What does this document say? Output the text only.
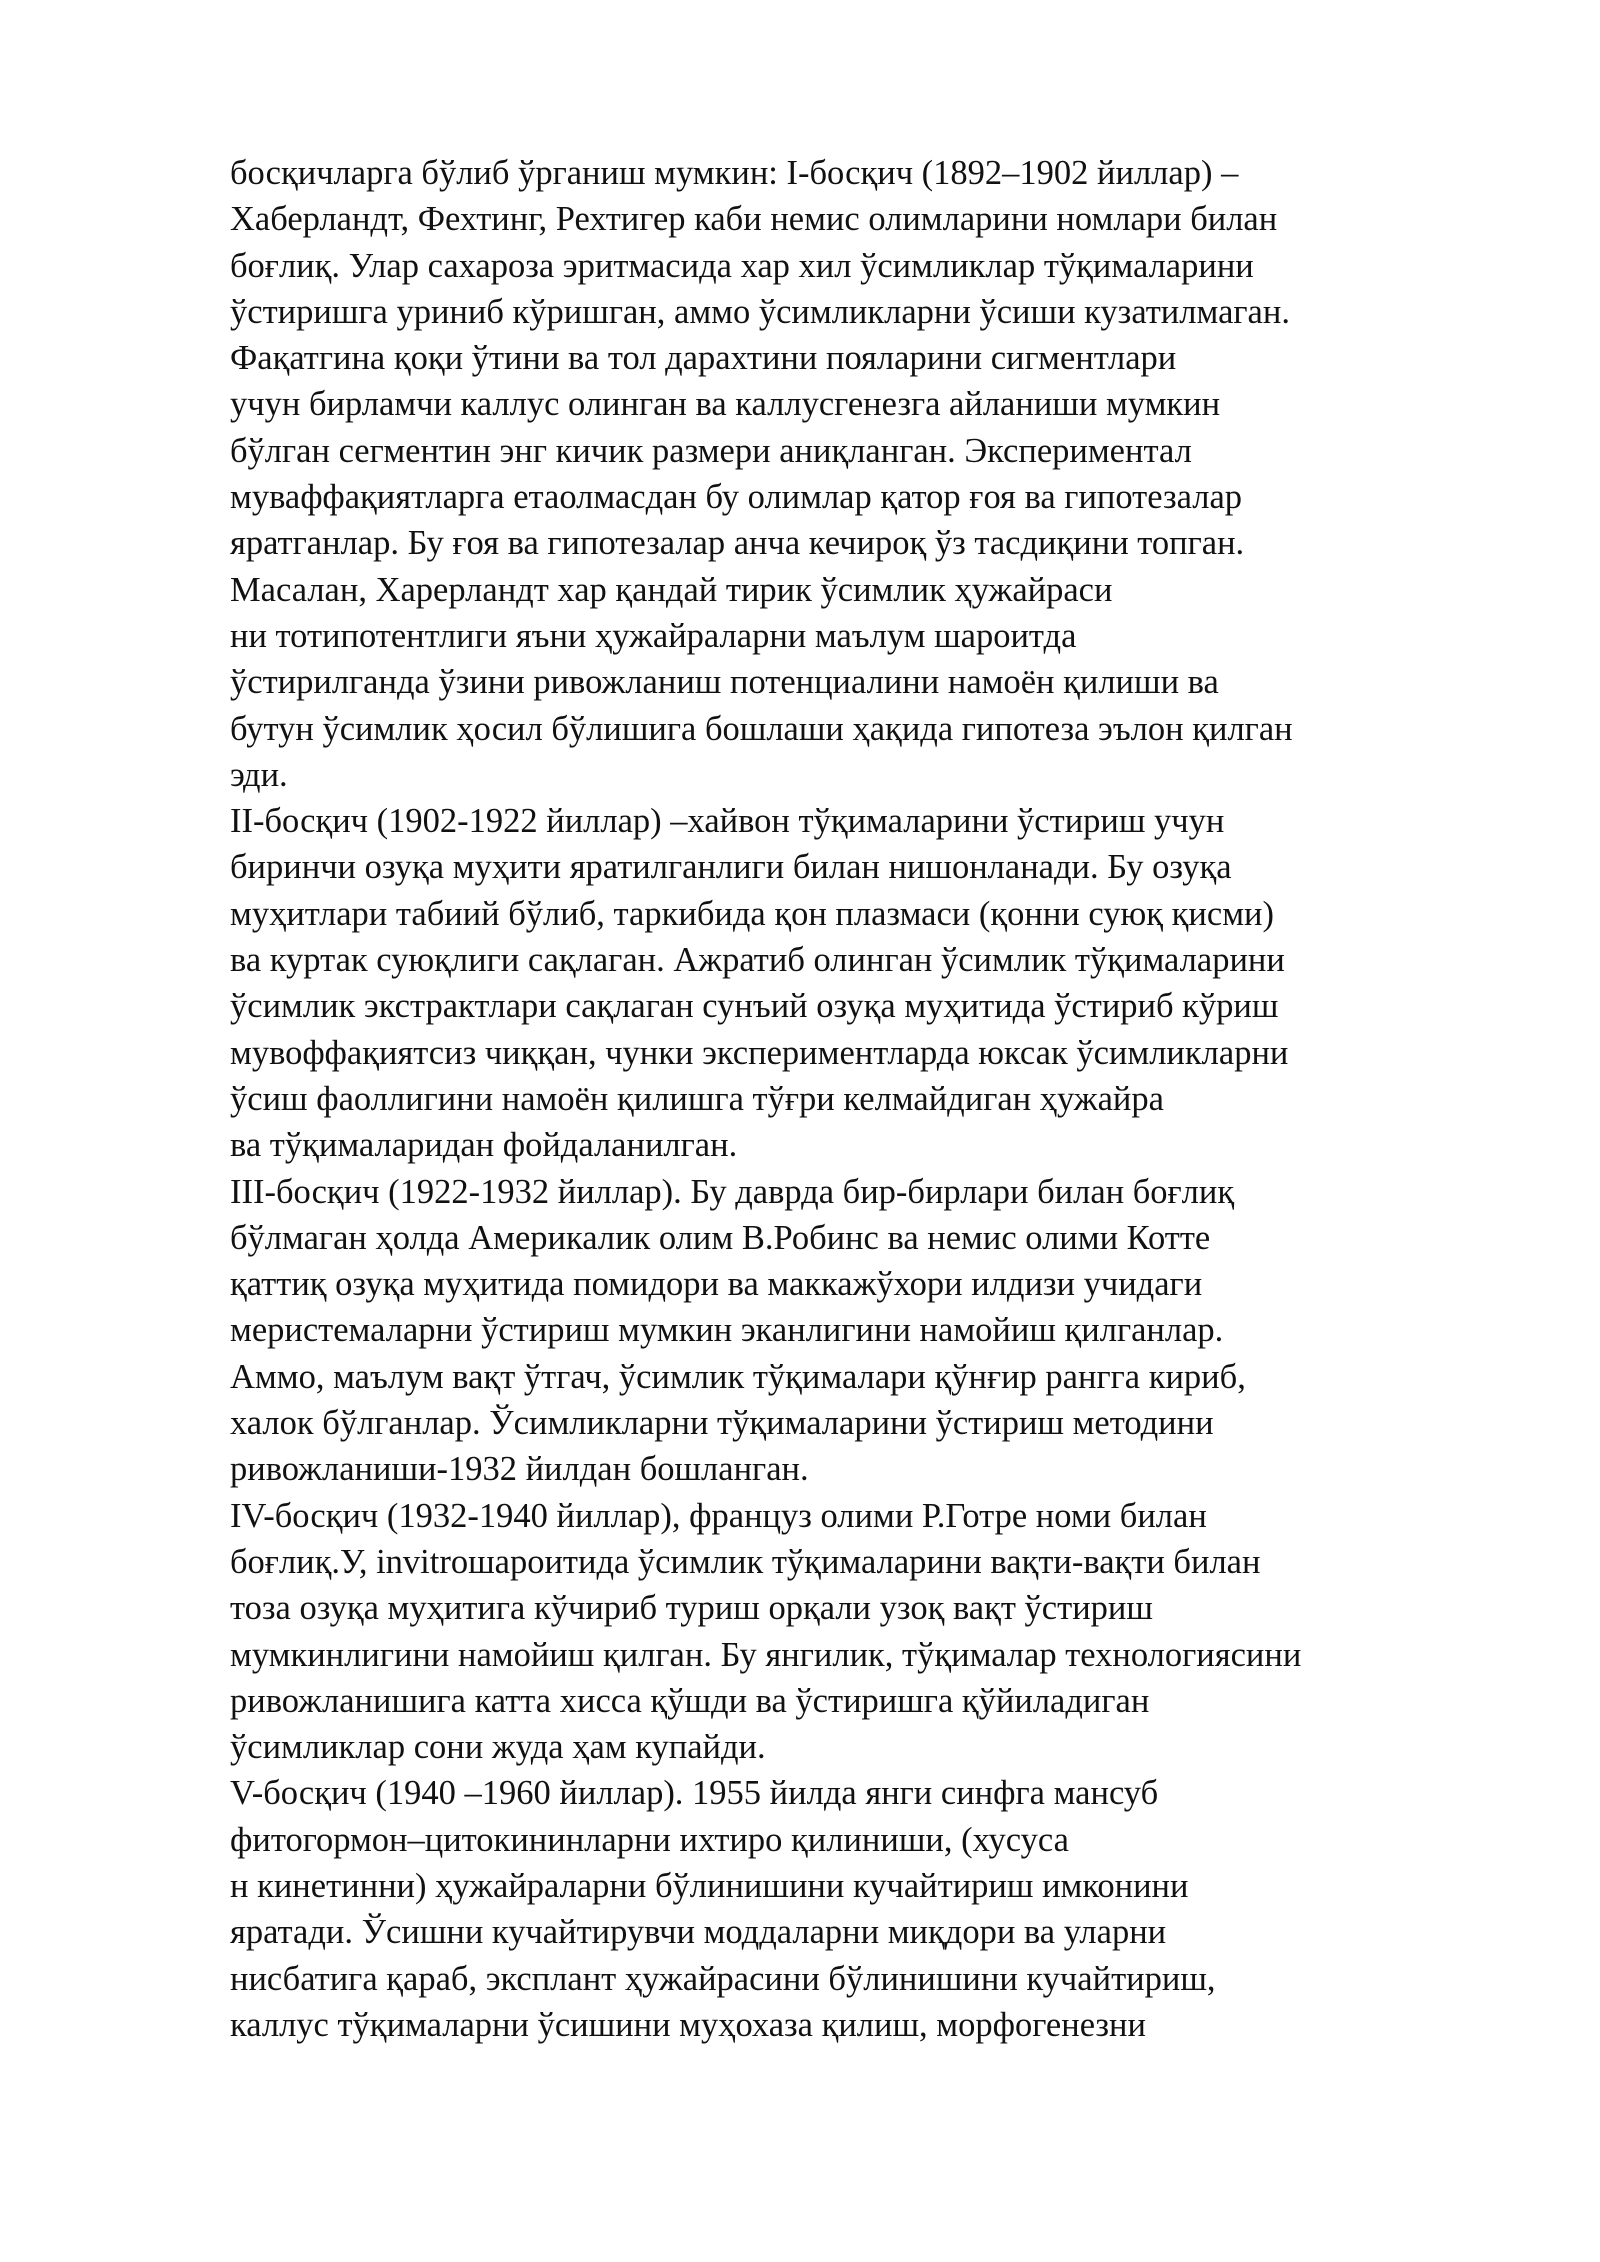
босқичларга бўлиб ўрганиш мумкин: I-босқич (1892–1902 йиллар) –
Хаберландт, Фехтинг, Рехтигер каби немис олимларини номлари билан
боғлиқ. Улар сахароза эритмасида хар хил ўсимликлар тўқималарини
ўстиришга уриниб кўришган, аммо ўсимликларни ўсиши кузатилмаган.
Фақатгина қоқи ўтини ва тол дарахтини пояларини сигментлари
учун бирламчи каллус олинган ва каллусгенезга айланиши мумкин
бўлган сегментин энг кичик размери аниқланган. Экспериментал
муваффақиятларга етаолмасдан бу олимлар қатор ғоя ва гипотезалар
яратганлар. Бу ғоя ва гипотезалар анча кечироқ ўз тасдиқини топган.
Масалан, Харерландт хар қандай тирик ўсимлик ҳужайраси
ни тотипотентлиги яъни ҳужайраларни маълум шароитда
ўстирилганда ўзини ривожланиш потенциалини намоён қилиши ва
бутун ўсимлик ҳосил бўлишига бошлаши ҳақида гипотеза эълон қилган
эди.
II-босқич (1902-1922 йиллар) –хайвон тўқималарини ўстириш учун
биринчи озуқа муҳити яратилганлиги билан нишонланади. Бу озуқа
муҳитлари табиий бўлиб, таркибида қон плазмаси (қонни суюқ қисми)
ва куртак суюқлиги сақлаган. Ажратиб олинган ўсимлик тўқималарини
ўсимлик экстрактлари сақлаган сунъий озуқа муҳитида ўстириб кўриш
мувоффақиятсиз чиққан, чунки экспериментларда юксак ўсимликларни
ўсиш фаоллигини намоён қилишга тўғри келмайдиган ҳужайра
ва тўқималаридан фойдаланилган.
III-босқич (1922-1932 йиллар). Бу даврда бир-бирлари билан боғлиқ
бўлмаган ҳолда Америкалик олим В.Робинс ва немис олими Котте
қаттиқ озуқа муҳитида помидори ва маккажўхори илдизи учидаги
меристемаларни ўстириш мумкин эканлигини намойиш қилганлар.
Аммо, маълум вақт ўтгач, ўсимлик тўқималари қўнғир рангга кириб,
халок бўлганлар. Ўсимликларни тўқималарини ўстириш методини
ривожланиши-1932 йилдан бошланган.
IV-босқич (1932-1940 йиллар), француз олими Р.Готре номи билан
боғлиқ.У, invitroшароитида ўсимлик тўқималарини вақти-вақти билан
тоза озуқа муҳитига кўчириб туриш орқали узоқ вақт ўстириш
мумкинлигини намойиш қилган. Бу янгилик, тўқималар технологиясини
ривожланишига катта хисса қўшди ва ўстиришга қўйиладиган
ўсимликлар сони жуда ҳам купайди.
V-босқич (1940 –1960 йиллар). 1955 йилда янги синфга мансуб
фитогормон–цитокининларни ихтиро қилиниши, (хусуса
н кинетинни) ҳужайраларни бўлинишини кучайтириш имконини
яратади. Ўсишни кучайтирувчи моддаларни миқдори ва уларни
нисбатига қараб, эксплант ҳужайрасини бўлинишини кучайтириш,
каллус тўқималарни ўсишини муҳохаза қилиш, морфогенезни
